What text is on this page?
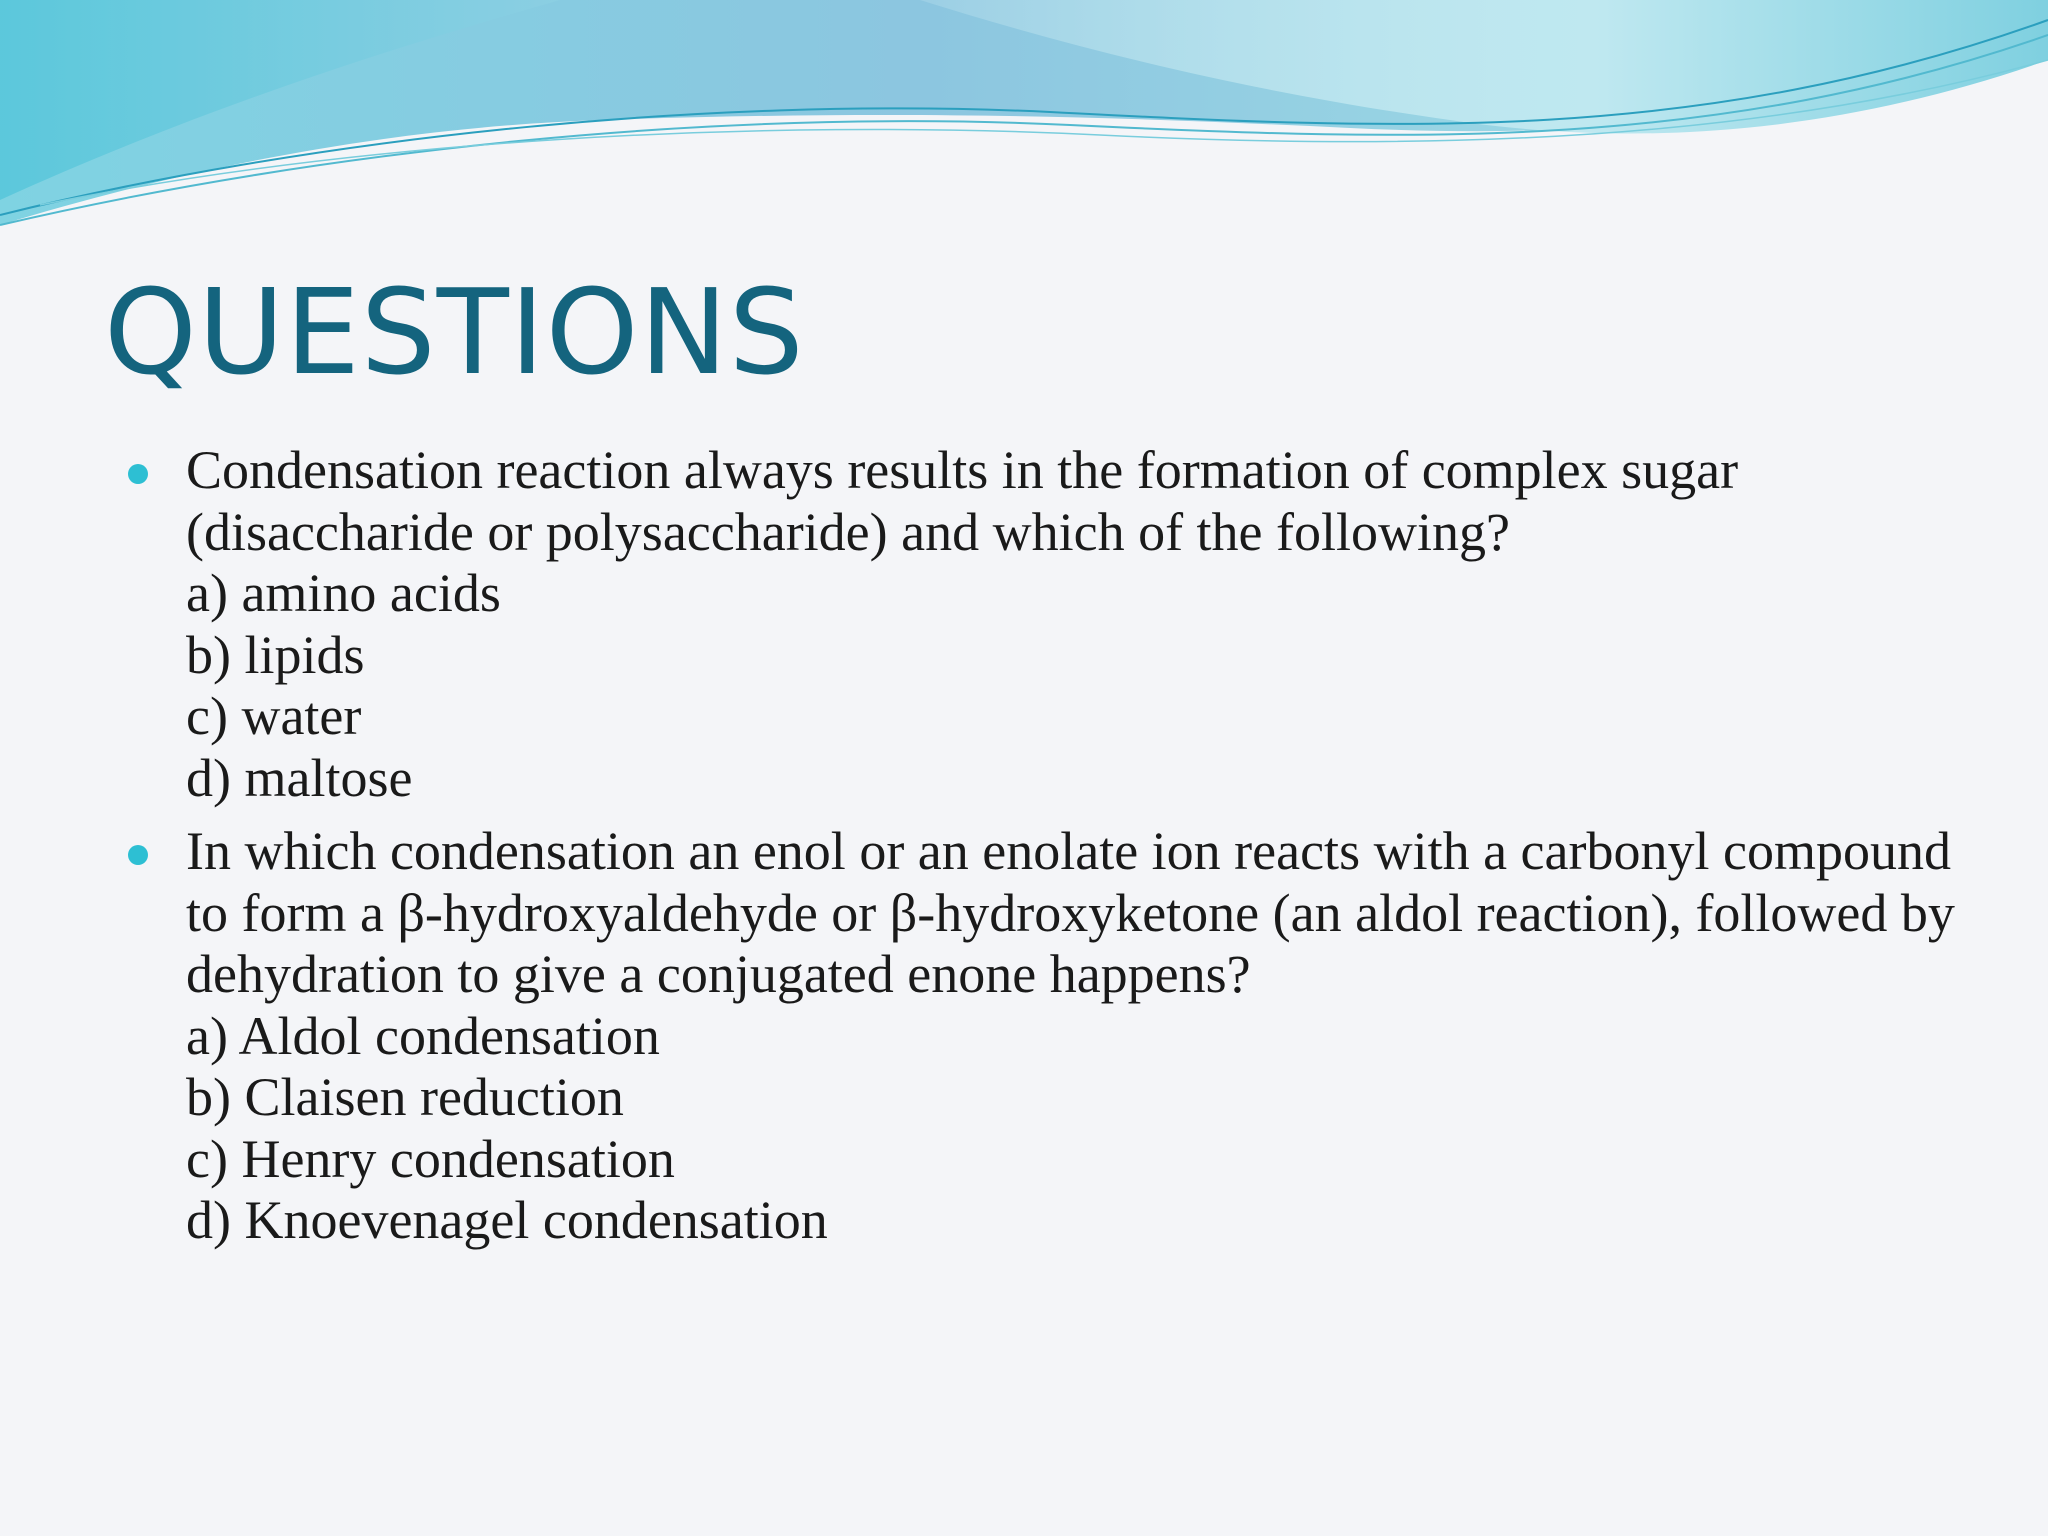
QUESTIONS
Condensation reaction always results in the formation of complex sugar (disaccharide or polysaccharide) and which of the following?
a) amino acids
b) lipids
c) water
d) maltose
In which condensation an enol or an enolate ion reacts with a carbonyl compound to form a β-hydroxyaldehyde or β-hydroxyketone (an aldol reaction), followed by dehydration to give a conjugated enone happens?
a) Aldol condensation
b) Claisen reduction
c) Henry condensation
d) Knoevenagel condensation
